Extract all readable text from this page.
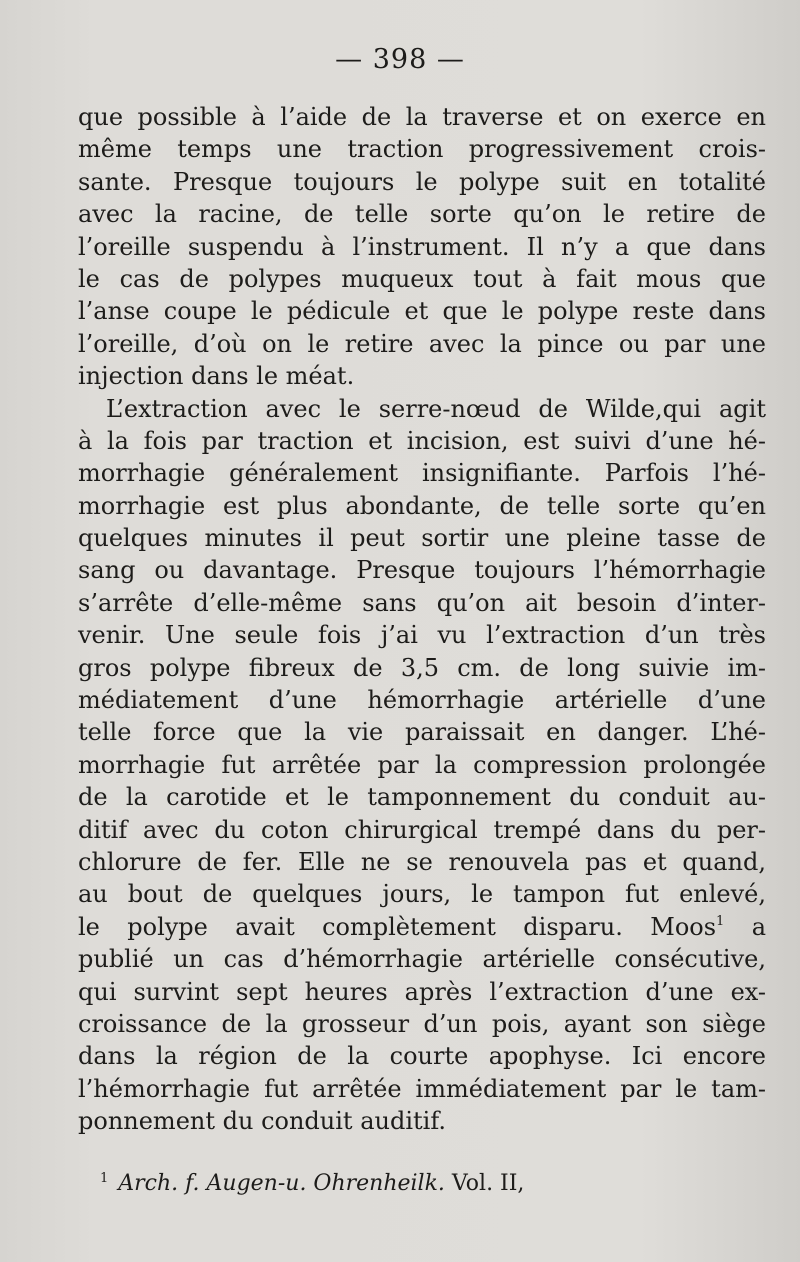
— 398 —
que possible à l’aide de la traverse et on exerce en
même temps une traction progressivement crois-
sante. Presque toujours le polype suit en totalité
avec la racine, de telle sorte qu’on le retire de
l’oreille suspendu à l’instrument. Il n’y a que dans
le cas de polypes muqueux tout à fait mous que
l’anse coupe le pédicule et que le polype reste dans
l’oreille, d’où on le retire avec la pince ou par une
injection dans le méat.
L’extraction avec le serre-nœud de Wilde,qui agit
à la fois par traction et incision, est suivi d’une hé-
morrhagie généralement insignifiante. Parfois l’hé-
morrhagie est plus abondante, de telle sorte qu’en
quelques minutes il peut sortir une pleine tasse de
sang ou davantage. Presque toujours l’hémorrhagie
s’arrête d’elle-même sans qu’on ait besoin d’inter-
venir. Une seule fois j’ai vu l’extraction d’un très
gros polype fibreux de 3,5 cm. de long suivie im-
médiatement d’une hémorrhagie artérielle d’une
telle force que la vie paraissait en danger. L’hé-
morrhagie fut arrêtée par la compression prolongée
de la carotide et le tamponnement du conduit au-
ditif avec du coton chirurgical trempé dans du per-
chlorure de fer. Elle ne se renouvela pas et quand,
au bout de quelques jours, le tampon fut enlevé,
le polype avait complètement disparu. Moos$^1$ a
publié un cas d’hémorrhagie artérielle consécutive,
qui survint sept heures après l’extraction d’une ex-
croissance de la grosseur d’un pois, ayant son siège
dans la région de la courte apophyse. Ici encore
l’hémorrhagie fut arrêtée immédiatement par le tam-
ponnement du conduit auditif.
$^1$ Arch. f. Augen-u. Ohrenheilk. Vol. II,
